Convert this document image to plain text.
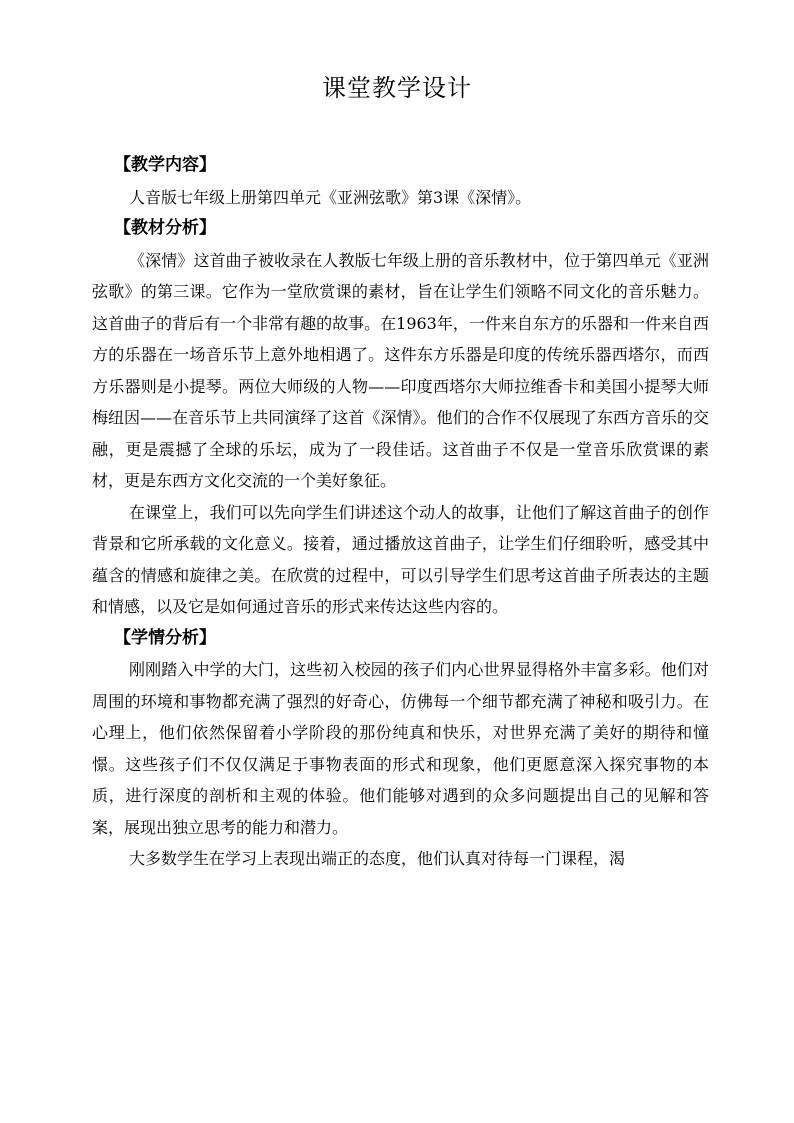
课堂教学设计
【教学内容】

人音版七年级上册第四单元《亚洲弦歌》第3课《深情》。

【教材分析】

《深情》这首曲子被收录在人教版七年级上册的音乐教材中，位于第四单元《亚洲弦歌》的第三课。它作为一堂欣赏课的素材，旨在让学生们领略不同文化的音乐魅力。这首曲子的背后有一个非常有趣的故事。在1963年，一件来自东方的乐器和一件来自西方的乐器在一场音乐节上意外地相遇了。这件东方乐器是印度的传统乐器西塔尔，而西方乐器则是小提琴。两位大师级的人物——印度西塔尔大师拉维香卡和美国小提琴大师梅纽因——在音乐节上共同演绎了这首《深情》。他们的合作不仅展现了东西方音乐的交融，更是震撼了全球的乐坛，成为了一段佳话。这首曲子不仅是一堂音乐欣赏课的素材，更是东西方文化交流的一个美好象征。

在课堂上，我们可以先向学生们讲述这个动人的故事，让他们了解这首曲子的创作背景和它所承载的文化意义。接着，通过播放这首曲子，让学生们仔细聆听，感受其中蕴含的情感和旋律之美。在欣赏的过程中，可以引导学生们思考这首曲子所表达的主题和情感，以及它是如何通过音乐的形式来传达这些内容的。

【学情分析】

刚刚踏入中学的大门，这些初入校园的孩子们内心世界显得格外丰富多彩。他们对周围的环境和事物都充满了强烈的好奇心，仿佛每一个细节都充满了神秘和吸引力。在心理上，他们依然保留着小学阶段的那份纯真和快乐，对世界充满了美好的期待和憧憬。这些孩子们不仅仅满足于事物表面的形式和现象，他们更愿意深入探究事物的本质，进行深度的剖析和主观的体验。他们能够对遇到的众多问题提出自己的见解和答案，展现出独立思考的能力和潜力。

大多数学生在学习上表现出端正的态度，他们认真对待每一门课程，渴
